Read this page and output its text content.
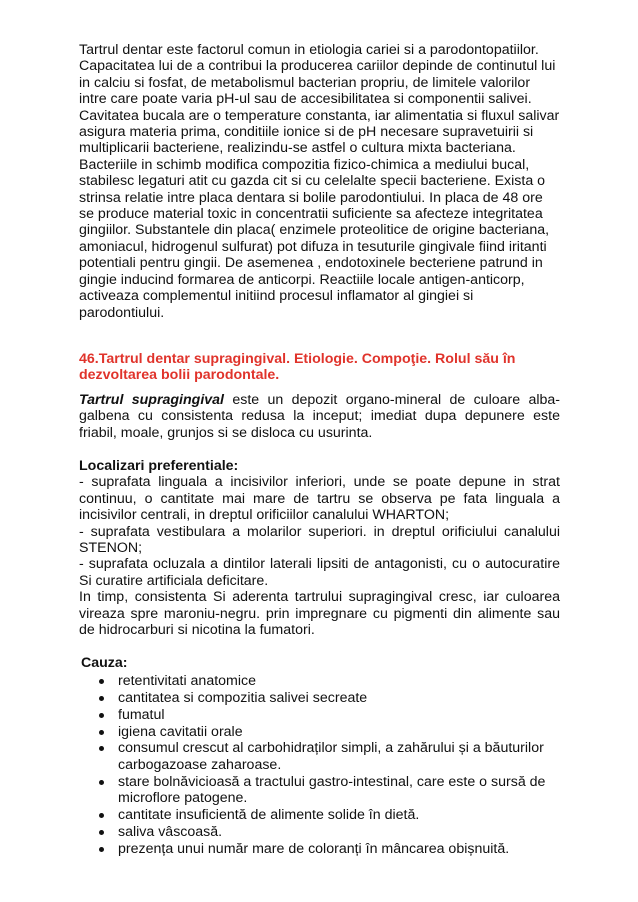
Tartrul dentar este factorul comun in etiologia cariei si a parodontopatiilor. Capacitatea lui de a contribui la producerea cariilor depinde de continutul lui in calciu si fosfat, de metabolismul bacterian propriu, de limitele valorilor intre care poate varia pH-ul sau de accesibilitatea si componentii salivei. Cavitatea bucala are o temperature constanta, iar alimentatia si fluxul salivar asigura materia prima, conditiile ionice si de pH necesare supravetuirii si multiplicarii bacteriene, realizindu-se astfel o cultura mixta bacteriana. Bacteriile in schimb modifica compozitia fizico-chimica a mediului bucal, stabilesc legaturi atit cu gazda cit si cu celelalte specii bacteriene. Exista o strinsa relatie intre placa dentara si bolile parodontiului. In placa de 48 ore se produce material toxic in concentratii suficiente sa afecteze integritatea gingiilor. Substantele din placa( enzimele proteolitice de origine bacteriana, amoniacul, hidrogenul sulfurat) pot difuza in tesuturile gingivale fiind iritanti potentiali pentru gingii. De asemenea , endotoxinele becteriene patrund in gingie inducind formarea de anticorpi. Reactiile locale antigen-anticorp, activeaza complementul initiind procesul inflamator al gingiei si parodontiului.

46.Tartrul dentar supragingival. Etiologie. Compoţie. Rolul său în dezvoltarea bolii parodontale.

Tartrul supragingival este un depozit organo-mineral de culoare alba-galbena cu consistenta redusa la inceput; imediat dupa depunere este friabil, moale, grunjos si se disloca cu usurinta.

Localizari preferentiale:

- suprafata linguala a incisivilor inferiori, unde se poate depune in strat continuu, o cantitate mai mare de tartru se observa pe fata linguala a incisivilor centrali, in dreptul orificiilor canalului WHARTON;

- suprafata vestibulara a molarilor superiori. in dreptul orificiului canalului STENON;

- suprafata ocluzala a dintilor laterali lipsiti de antagonisti, cu o autocuratire Si curatire artificiala deficitare.

In timp, consistenta Si aderenta tartrului supragingival cresc, iar culoarea vireaza spre maroniu-negru. prin impregnare cu pigmenti din alimente sau de hidrocarburi si nicotina la fumatori.

Cauza:

retentivitati anatomice
cantitatea si compozitia salivei secreate
fumatul
igiena cavitatii orale
consumul crescut al carbohidraților simpli, a zahărului și a băuturilor carbogazoase zaharoase.
stare bolnăvicioasă a tractului gastro-intestinal, care este o sursă de microflore patogene.
cantitate insuficientă de alimente solide în dietă.
saliva vâscoasă.
prezența unui număr mare de coloranți în mâncarea obișnuită.
